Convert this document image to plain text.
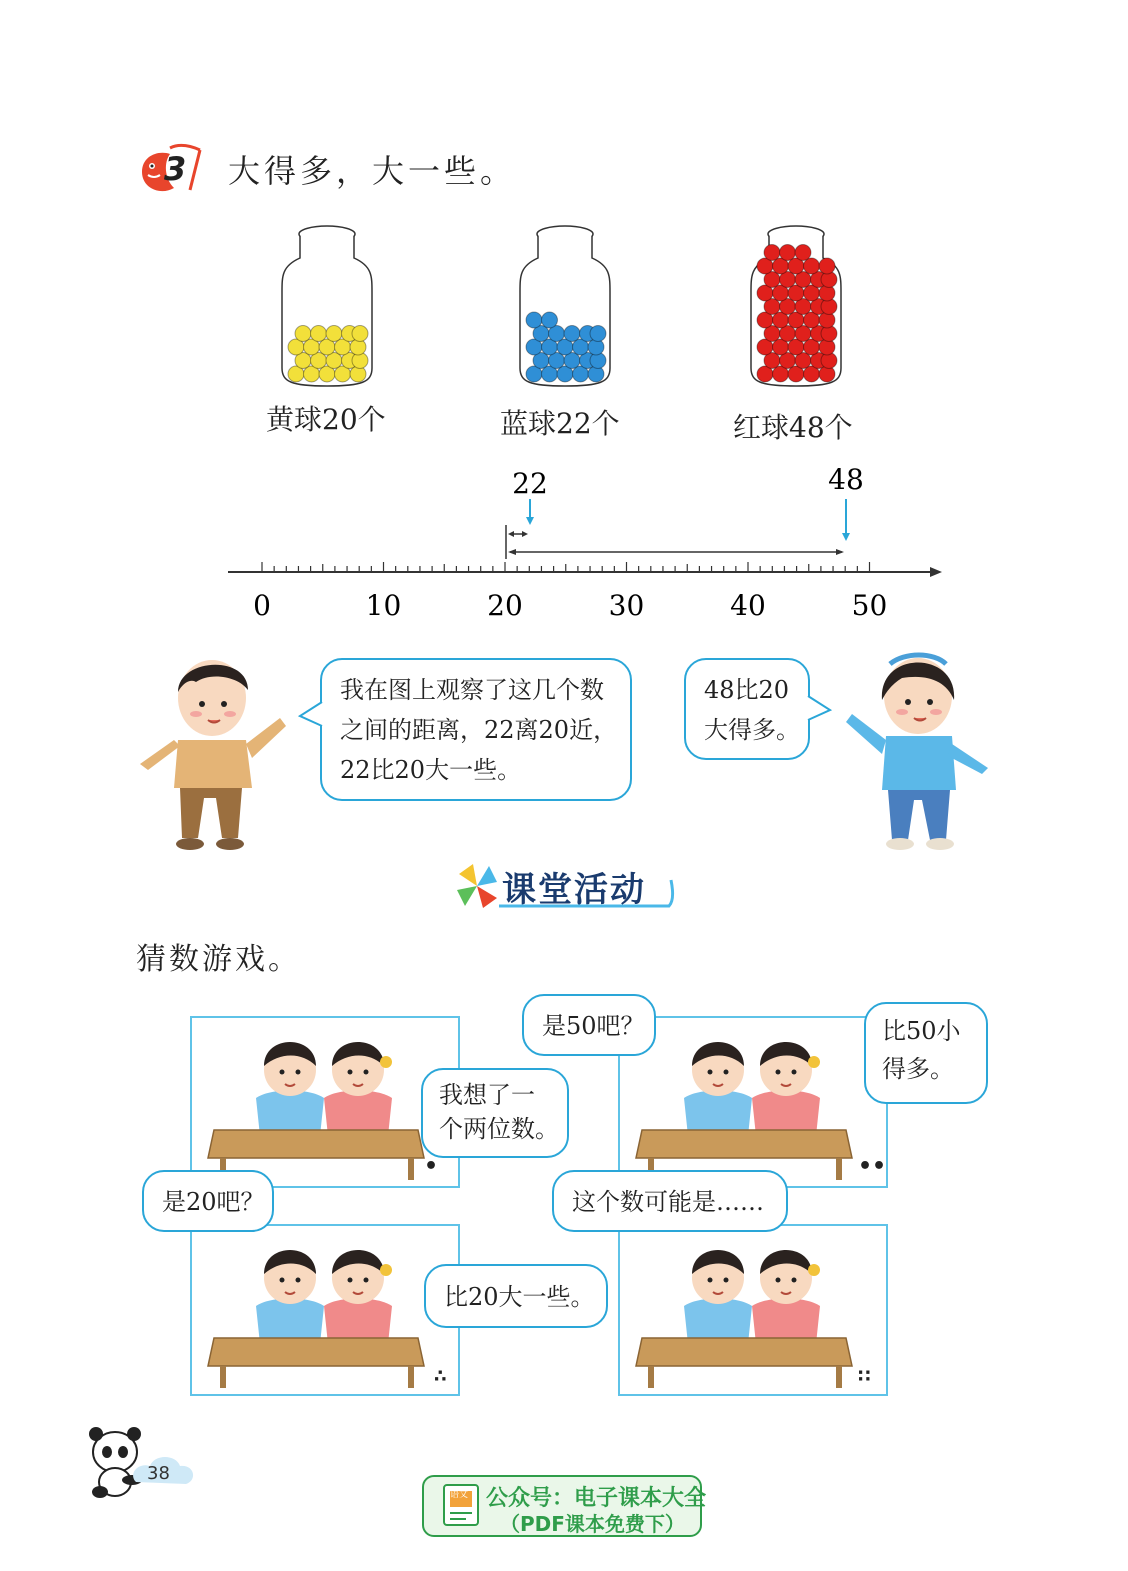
3 大得多，大一些。
黄球20个	蓝球22个	红球48个
22	48
0	10	20	30	40	50

我在图上观察了这几个数

之间的距离，22离20近，

22比20大一些。

48比20

大得多。

课堂活动
猜数游戏。
•

我想了一

个两位数。

••

是50吧？	比50小

得多。

∴

是20吧？

比20大一些。

∷

这个数可能是……

38
语文 公众号：电子课本大全
（PDF课本免费下）
